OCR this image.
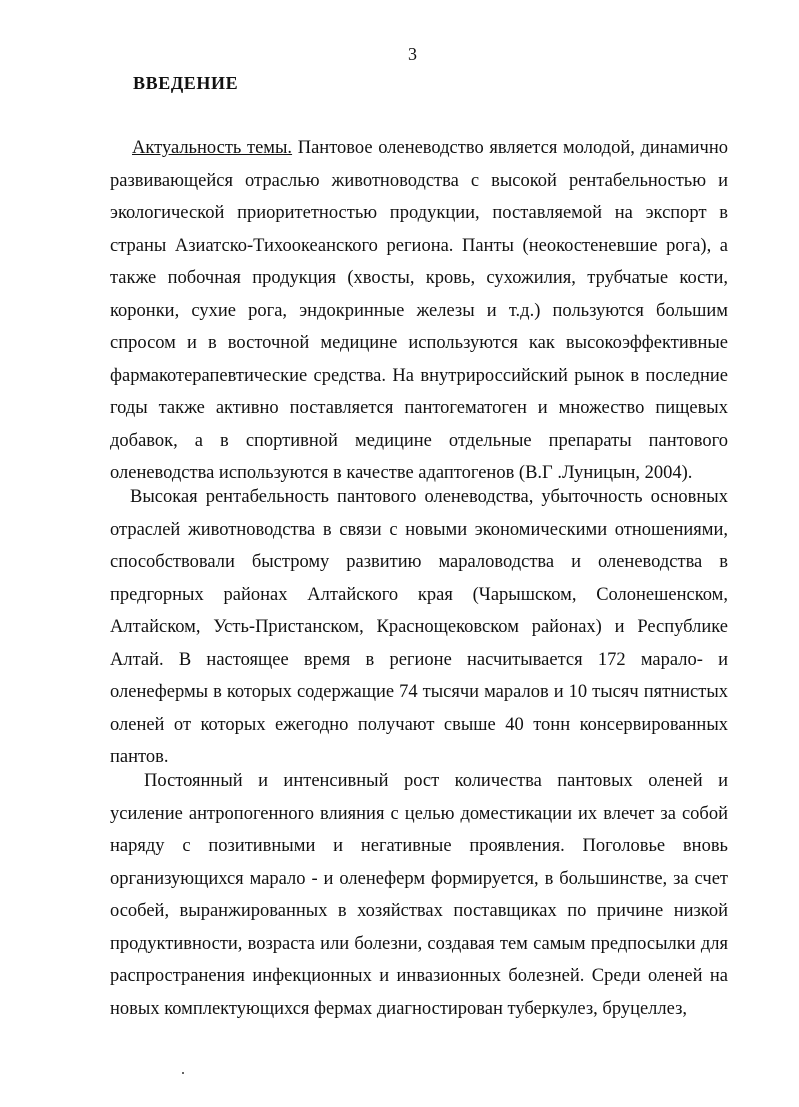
3
ВВЕДЕНИЕ

Актуальность темы. Пантовое оленеводство является молодой, динамично развивающейся отраслью животноводства с высокой рентабельностью и экологической приоритетностью продукции, поставляемой на экспорт в страны Азиатско-Тихоокеанского региона. Панты (неокостеневшие рога), а также побочная продукция (хвосты, кровь, сухожилия, трубчатые кости, коронки, сухие рога, эндокринные железы и т.д.) пользуются большим спросом и в восточной медицине используются как высокоэффективные фармакотерапевтические средства. На внутрироссийский рынок в последние годы также активно поставляется пантогематоген и множество пищевых добавок, а в спортивной медицине отдельные препараты пантового оленеводства используются в качестве адаптогенов (В.Г .Луницын, 2004).

Высокая рентабельность пантового оленеводства, убыточность основных отраслей животноводства в связи с новыми экономическими отношениями, способствовали быстрому развитию мараловодства и оленеводства в предгорных районах Алтайского края (Чарышском, Солонешенском, Алтайском, Усть-Пристанском, Краснощековском районах) и Республике Алтай. В настоящее время в регионе насчитывается 172 марало- и оленефермы в которых содержащие 74 тысячи маралов и 10 тысяч пятнистых оленей от которых ежегодно получают свыше 40 тонн консервированных пантов.

Постоянный и интенсивный рост количества пантовых оленей и усиление антропогенного влияния с целью доместикации их влечет за собой наряду с позитивными и негативные проявления. Поголовье вновь организующихся марало - и оленеферм формируется, в большинстве, за счет особей, выранжированных в хозяйствах поставщиках по причине низкой продуктивности, возраста или болезни, создавая тем самым предпосылки для распространения инфекционных и инвазионных болезней. Среди оленей на новых комплектующихся фермах диагностирован туберкулез, бруцеллез,
